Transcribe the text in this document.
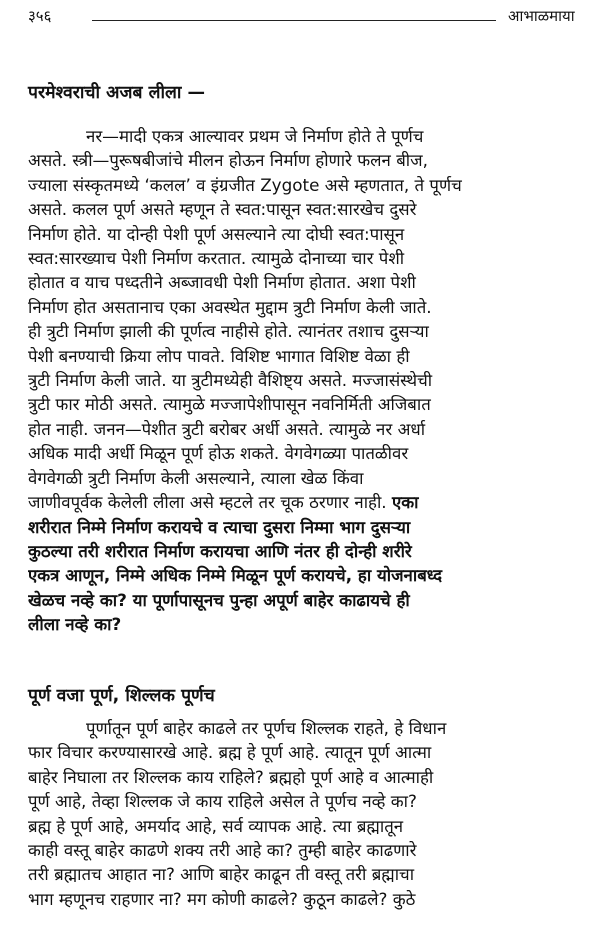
३५६	आभाळमाया
परमेश्वराची अजब लीला —
नर—मादी एकत्र आल्यावर प्रथम जे निर्माण होते ते पूर्णच
असते. स्त्री—पुरूषबीजांचे मीलन होऊन निर्माण होणारे फलन बीज,
ज्याला संस्कृतमध्ये ‘कलल’ व इंग्रजीत Zygote असे म्हणतात, ते पूर्णच
असते. कलल पूर्ण असते म्हणून ते स्वत:पासून स्वत:सारखेच दुसरे
निर्माण होते. या दोन्ही पेशी पूर्ण असल्याने त्या दोघी स्वत:पासून
स्वत:सारख्याच पेशी निर्माण करतात. त्यामुळे दोनाच्या चार पेशी
होतात व याच पध्दतीने अब्जावधी पेशी निर्माण होतात. अशा पेशी
निर्माण होत असतानाच एका अवस्थेत मुद्दाम त्रुटी निर्माण केली जाते.
ही त्रुटी निर्माण झाली की पूर्णत्व नाहीसे होते. त्यानंतर तशाच दुसऱ्या
पेशी बनण्याची क्रिया लोप पावते. विशिष्ट भागात विशिष्ट वेळा ही
त्रुटी निर्माण केली जाते. या त्रुटीमध्येही वैशिष्ट्य असते. मज्जासंस्थेची
त्रुटी फार मोठी असते. त्यामुळे मज्जापेशीपासून नवनिर्मिती अजिबात
होत नाही. जनन—पेशीत त्रुटी बरोबर अर्धी असते. त्यामुळे नर अर्धा
अधिक मादी अर्धी मिळून पूर्ण होऊ शकते. वेगवेगळ्या पातळीवर
वेगवेगळी त्रुटी निर्माण केली असल्याने, त्याला खेळ किंवा
जाणीवपूर्वक केलेली लीला असे म्हटले तर चूक ठरणार नाही. एका
शरीरात निम्मे निर्माण करायचे व त्याचा दुसरा निम्मा भाग दुसऱ्या
कुठल्या तरी शरीरात निर्माण करायचा आणि नंतर ही दोन्ही शरीरे
एकत्र आणून, निम्मे अधिक निम्मे मिळून पूर्ण करायचे, हा योजनाबध्द
खेळच नव्हे का? या पूर्णापासूनच पुन्हा अपूर्ण बाहेर काढायचे ही
लीला नव्हे का?
पूर्ण वजा पूर्ण, शिल्लक पूर्णच
पूर्णातून पूर्ण बाहेर काढले तर पूर्णच शिल्लक राहते, हे विधान
फार विचार करण्यासारखे आहे. ब्रह्म हे पूर्ण आहे. त्यातून पूर्ण आत्मा
बाहेर निघाला तर शिल्लक काय राहिले? ब्रह्महो पूर्ण आहे व आत्माही
पूर्ण आहे, तेव्हा शिल्लक जे काय राहिले असेल ते पूर्णच नव्हे का?
ब्रह्म हे पूर्ण आहे, अमर्याद आहे, सर्व व्यापक आहे. त्या ब्रह्मातून
काही वस्तू बाहेर काढणे शक्य तरी आहे का? तुम्ही बाहेर काढणारे
तरी ब्रह्मातच आहात ना? आणि बाहेर काढून ती वस्तू तरी ब्रह्माचा
भाग म्हणूनच राहणार ना? मग कोणी काढले? कुठून काढले? कुठे
